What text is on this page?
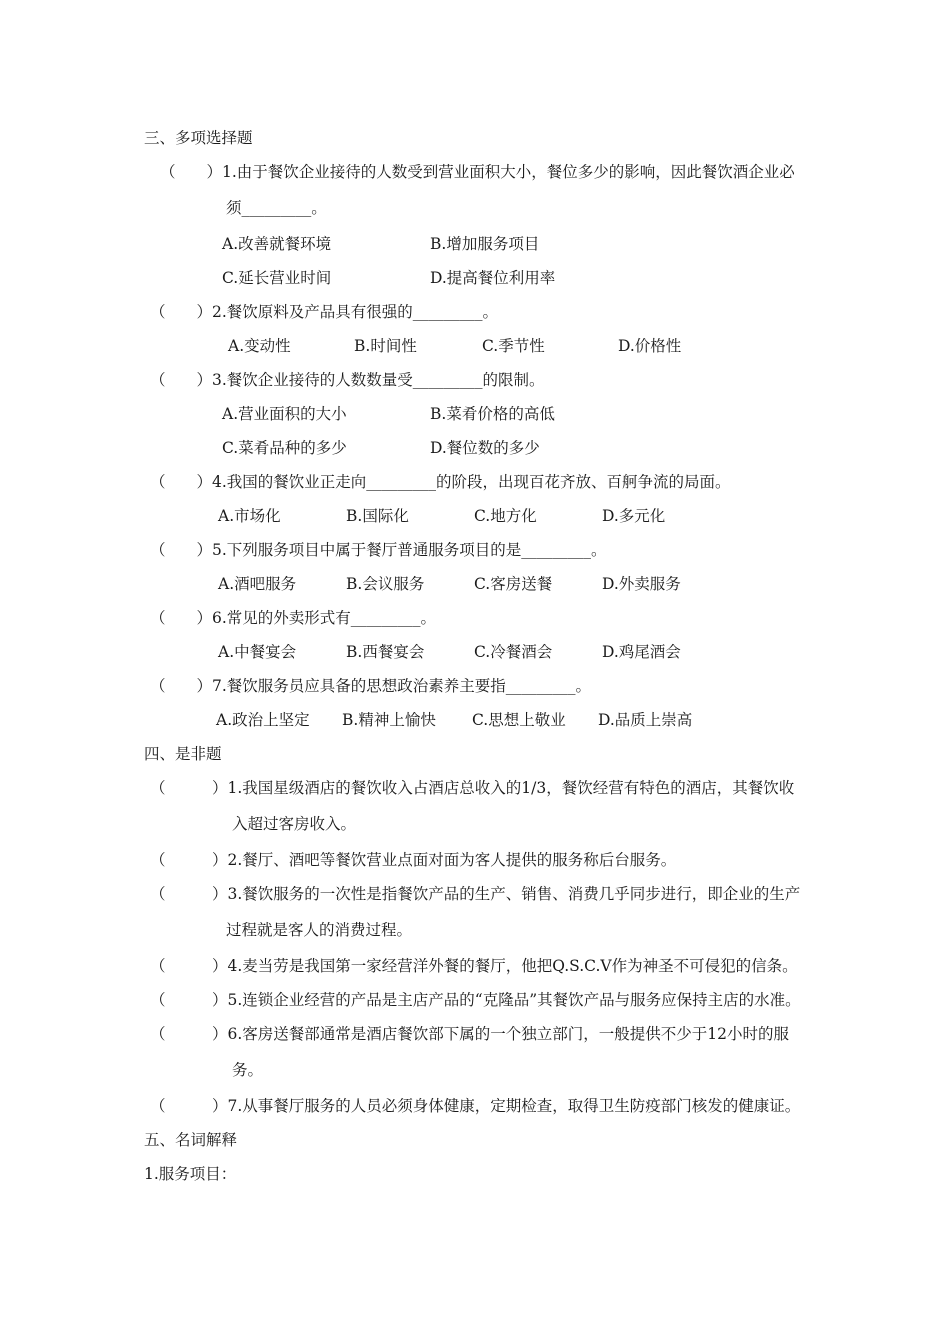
三、多项选择题
（　　）1.由于餐饮企业接待的人数受到营业面积大小，餐位多少的影响，因此餐饮酒企业必
须_________。
A.改善就餐环境	B.增加服务项目
C.延长营业时间	D.提高餐位利用率
（　　）2.餐饮原料及产品具有很强的_________。
A.变动性	B.时间性	C.季节性	D.价格性
（　　）3.餐饮企业接待的人数数量受_________的限制。
A.营业面积的大小	B.菜肴价格的高低
C.菜肴品种的多少	D.餐位数的多少
（　　）4.我国的餐饮业正走向_________的阶段，出现百花齐放、百舸争流的局面。
A.市场化	B.国际化	C.地方化	D.多元化
（　　）5.下列服务项目中属于餐厅普通服务项目的是_________。
A.酒吧服务	B.会议服务	C.客房送餐	D.外卖服务
（　　）6.常见的外卖形式有_________。
A.中餐宴会	B.西餐宴会	C.冷餐酒会	D.鸡尾酒会
（　　）7.餐饮服务员应具备的思想政治素养主要指_________。
A.政治上坚定 B.精神上愉快 C.思想上敬业 D.品质上崇高
四、是非题
（　　　）1.我国星级酒店的餐饮收入占酒店总收入的1/3，餐饮经营有特色的酒店，其餐饮收
入超过客房收入。
（　　　）2.餐厅、酒吧等餐饮营业点面对面为客人提供的服务称后台服务。
（　　　）3.餐饮服务的一次性是指餐饮产品的生产、销售、消费几乎同步进行，即企业的生产
过程就是客人的消费过程。
（　　　）4.麦当劳是我国第一家经营洋外餐的餐厅，他把Q.S.C.V作为神圣不可侵犯的信条。
（　　　）5.连锁企业经营的产品是主店产品的“克隆品”其餐饮产品与服务应保持主店的水准。
（　　　）6.客房送餐部通常是酒店餐饮部下属的一个独立部门，一般提供不少于12小时的服
务。
（　　　）7.从事餐厅服务的人员必须身体健康，定期检查，取得卫生防疫部门核发的健康证。
五、名词解释
1.服务项目：
